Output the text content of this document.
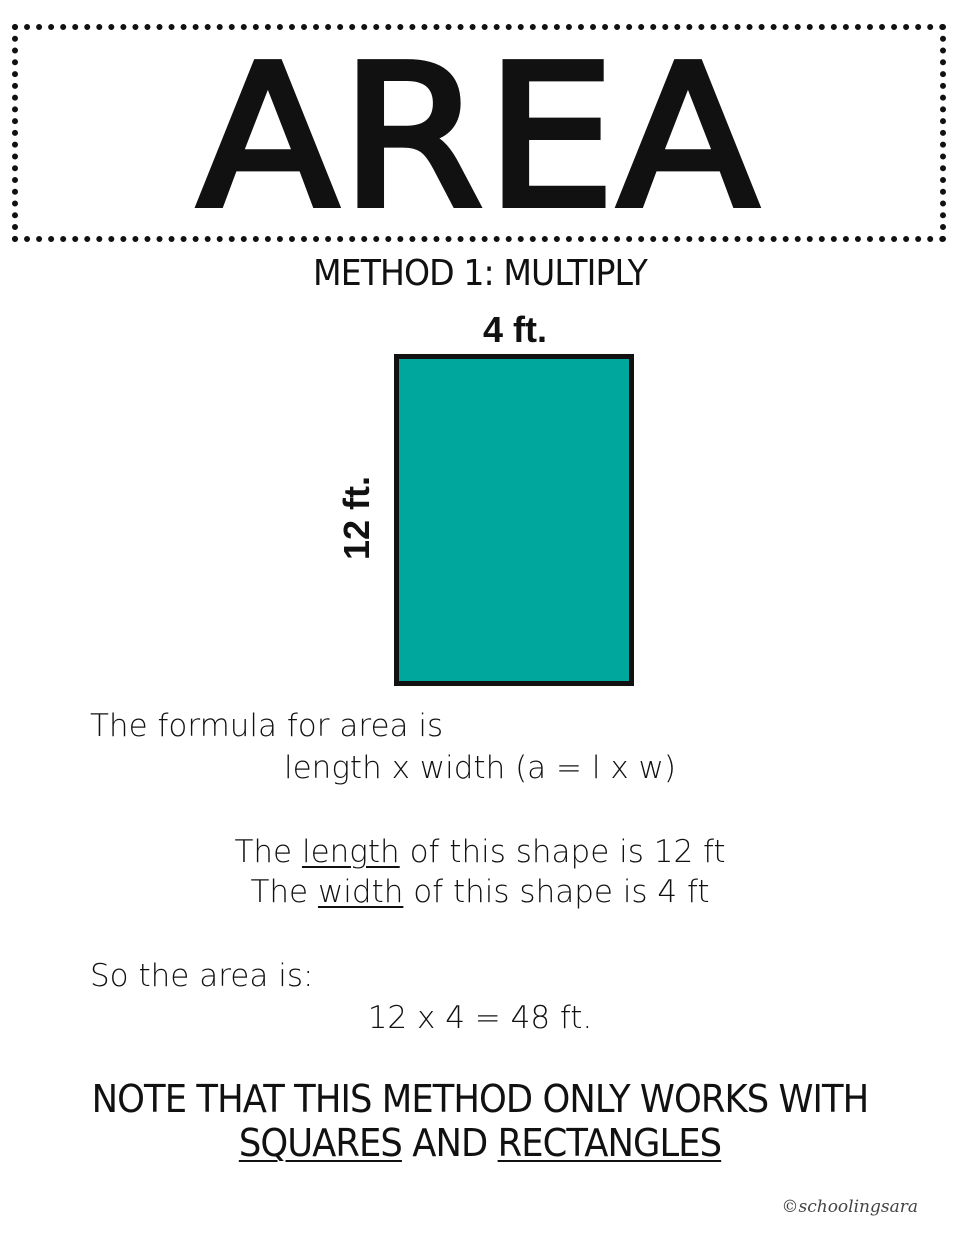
AREA
METHOD 1: MULTIPLY
4 ft.
12 ft.
The formula for area is
length x width (a = l x w)
The length of this shape is 12 ft
The width of this shape is 4 ft
So the area is:
12 x 4 = 48 ft.
NOTE THAT THIS METHOD ONLY WORKS WITH
SQUARES AND RECTANGLES
©schoolingsara
